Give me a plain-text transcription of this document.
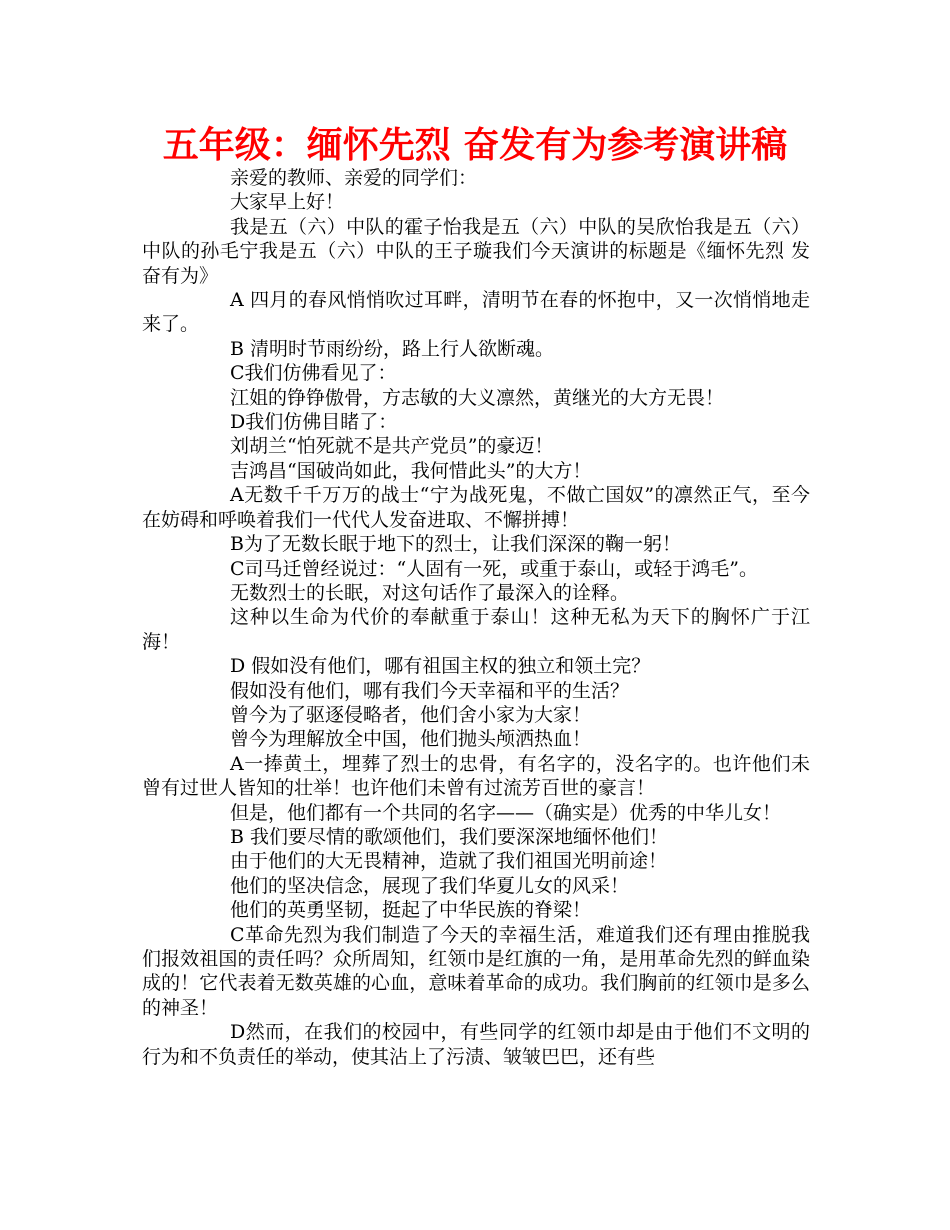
五年级：缅怀先烈 奋发有为参考演讲稿

亲爱的教师、亲爱的同学们：

大家早上好！

我是五（六）中队的霍子怡我是五（六）中队的吴欣怡我是五（六）中队的孙毛宁我是五（六）中队的王子璇我们今天演讲的标题是《缅怀先烈 发奋有为》

A 四月的春风悄悄吹过耳畔，清明节在春的怀抱中，又一次悄悄地走来了。

B 清明时节雨纷纷，路上行人欲断魂。

C我们仿佛看见了：

江姐的铮铮傲骨，方志敏的大义凛然，黄继光的大方无畏！

D我们仿佛目睹了：

刘胡兰“怕死就不是共产党员”的豪迈！

吉鸿昌“国破尚如此，我何惜此头”的大方！

A无数千千万万的战士“宁为战死鬼，不做亡国奴”的凛然正气，至今在妨碍和呼唤着我们一代代人发奋进取、不懈拼搏！

B为了无数长眠于地下的烈士，让我们深深的鞠一躬！

C司马迁曾经说过：“人固有一死，或重于泰山，或轻于鸿毛”。

无数烈士的长眠，对这句话作了最深入的诠释。

这种以生命为代价的奉献重于泰山！这种无私为天下的胸怀广于江海！

D 假如没有他们，哪有祖国主权的独立和领土完？

假如没有他们，哪有我们今天幸福和平的生活？

曾今为了驱逐侵略者，他们舍小家为大家！

曾今为理解放全中国，他们抛头颅洒热血！

A一捧黄土，埋葬了烈士的忠骨，有名字的，没名字的。也许他们未曾有过世人皆知的壮举！也许他们未曾有过流芳百世的豪言！

但是，他们都有一个共同的名字——（确实是）优秀的中华儿女！

B 我们要尽情的歌颂他们，我们要深深地缅怀他们！

由于他们的大无畏精神，造就了我们祖国光明前途！

他们的坚决信念，展现了我们华夏儿女的风采！

他们的英勇坚韧，挺起了中华民族的脊梁！

C革命先烈为我们制造了今天的幸福生活，难道我们还有理由推脱我们报效祖国的责任吗？众所周知，红领巾是红旗的一角，是用革命先烈的鲜血染成的！它代表着无数英雄的心血，意味着革命的成功。我们胸前的红领巾是多么的神圣！

D然而，在我们的校园中，有些同学的红领巾却是由于他们不文明的行为和不负责任的举动，使其沾上了污渍、皱皱巴巴，还有些
